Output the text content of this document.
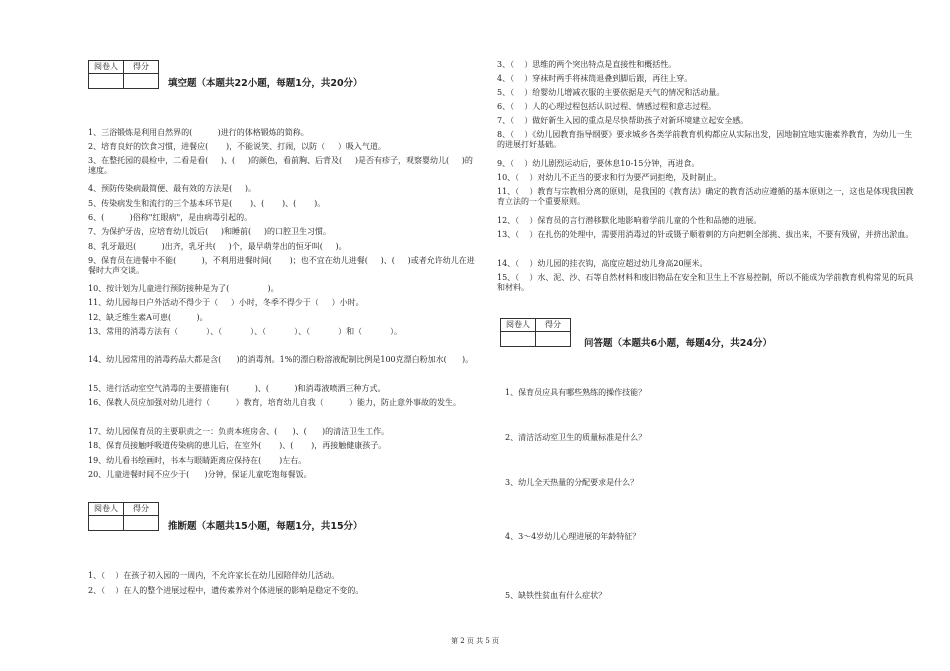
阅卷人	得分

填空题（本题共22小题，每题1分，共20分）
1、三浴锻炼是利用自然界的(          )进行的体格锻炼的简称。
2、培育良好的饮食习惯，进餐应(       )，不能说笑、打闹，以防（     ）吸入气道。
3、在整托园的晨检中，二看是看(     )、(     )的颜色，看前胸、后背及(     )是否有疹子，观察婴幼儿(     )的速度。
4、预防传染病最简便、最有效的方法是(     )。
5、传染病发生和流行的三个基本环节是(       )、(       )、(       )。
6、(          )俗称"红眼病"，是由病毒引起的。
7、为保护牙齿，应培育幼儿饭后(     )和睡前(     )的口腔卫生习惯。
8、乳牙最迟(          )出齐，乳牙共(     )个，最早萌芽出的恒牙叫(     )。
9、保育员在进餐中不能(          )，不利用进餐时间(       )；也不宜在幼儿进餐(     )、(     )或者允许幼儿在进餐时大声交谈。
10、按计划为儿童进行预防接种是为了(               )。
11、幼儿园每日户外活动不得少于（     ）小时，冬季不得少于（     ）小时。
12、缺乏维生素A可患(          )。
13、常用的消毒方法有（           ）、（           ）、（           ）、（           ）和（           ）。
14、幼儿园常用的消毒药品大都是含(      )的消毒剂。1%的漂白粉溶液配制比例是100克漂白粉加水(      )。
15、进行活动室空气消毒的主要措施有(          )、(          )和消毒液喷洒三种方式。
16、保教人员应加强对幼儿进行（          ）教育，培育幼儿自我（          ）能力，防止意外事故的发生。
17、幼儿园保育员的主要职责之一：负责本班房舍、(      )、(      )的清洁卫生工作。
18、保育员接触呼吸道传染病的患儿后，在室外(       )、(       )，再接触健康孩子。
19、幼儿看书绘画时，书本与眼睛距离应保持在(       )左右。
20、儿童进餐时间不应少于(      )分钟，保证儿童吃饱每餐饭。
阅卷人	得分

推断题（本题共15小题，每题1分，共15分）
1、（    ）在孩子初入园的一周内，不允许家长在幼儿园陪伴幼儿活动。
2、（    ）在人的整个进展过程中，遗传素养对个体进展的影响是稳定不变的。
3、（    ）思维的两个突出特点是直接性和概括性。
4、（    ）穿袜时两手将袜筒退叠到脚后跟，再往上穿。
5、（    ）给婴幼儿增减衣服的主要依据是天气的情况和活动量。
6、（    ）人的心理过程包括认识过程、情感过程和意志过程。
7、（    ）做好新生入园的重点是尽快帮助孩子对新环境建立起安全感。
8、（    ）《幼儿园教育指导纲要》要求城乡各类学前教育机构都应从实际出发，因地制宜地实施素养教育，为幼儿一生的进展打好基础。
9、（    ）幼儿剧烈运动后，要休息10-15分钟，再进食。
10、（    ）对幼儿不正当的要求和行为要严词拒绝，及时制止。
11、（    ）教育与宗教相分离的原则，是我国的《教育法》确定的教育活动应遵循的基本原则之一，这也是体现我国教育立法的一个重要原则。
12、（    ）保育员的言行潜移默化地影响着学前儿童的个性和品德的进展。
13、（    ）在扎伤的处理中，需要用消毒过的针或镊子顺着刺的方向把刺全部挑、拔出来，不要有残留，并挤出淤血。
14、（    ）幼儿园的挂衣钩，高度应超过幼儿身高20厘米。
15、（    ）水、泥、沙、石等自然材料和废旧物品在安全和卫生上不容易控制，所以不能成为学前教育机构常见的玩具和材料。
阅卷人	得分

问答题（本题共6小题，每题4分，共24分）
1、保育员应具有哪些熟练的操作技能？
2、清洁活动室卫生的质量标准是什么？
3、幼儿全天热量的分配要求是什么？
4、3～4岁幼儿心理进展的年龄特征？
5、缺铁性贫血有什么症状？
第 2 页 共 5 页
